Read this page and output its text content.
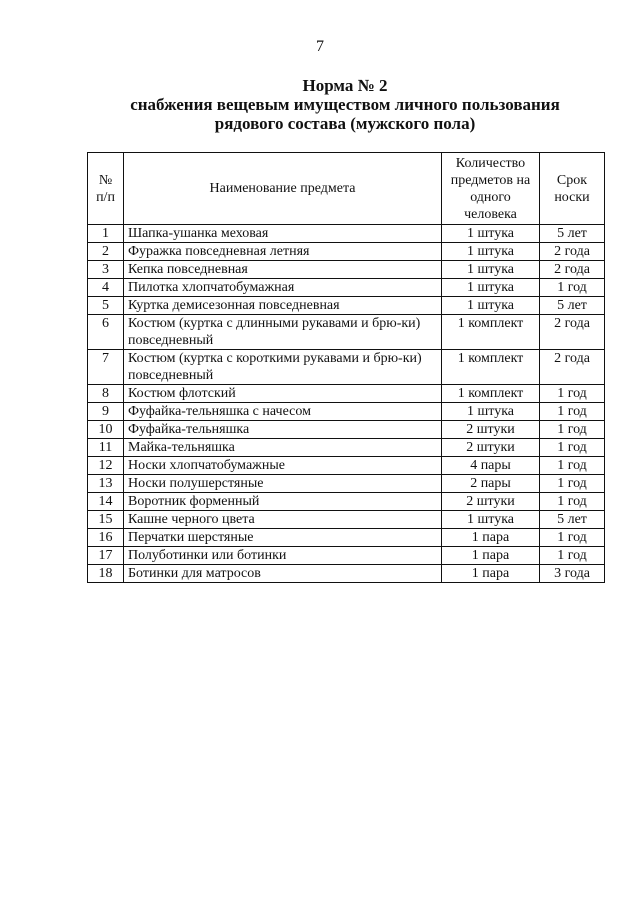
7
Норма № 2
снабжения вещевым имуществом личного пользования
рядового состава (мужского пола)
№ п/п	Наименование предмета	Количество предметов на одного человека	Срок носки
1	Шапка-ушанка меховая	1 штука	5 лет
2	Фуражка повседневная летняя	1 штука	2 года
3	Кепка повседневная	1 штука	2 года
4	Пилотка хлопчатобумажная	1 штука	1 год
5	Куртка демисезонная повседневная	1 штука	5 лет
6	Костюм (куртка с длинными рукавами и брю-ки) повседневный	1 комплект	2 года
7	Костюм (куртка с короткими рукавами и брю-ки) повседневный	1 комплект	2 года
8	Костюм флотский	1 комплект	1 год
9	Фуфайка-тельняшка с начесом	1 штука	1 год
10	Фуфайка-тельняшка	2 штуки	1 год
11	Майка-тельняшка	2 штуки	1 год
12	Носки хлопчатобумажные	4 пары	1 год
13	Носки полушерстяные	2 пары	1 год
14	Воротник форменный	2 штуки	1 год
15	Кашне черного цвета	1 штука	5 лет
16	Перчатки шерстяные	1 пара	1 год
17	Полуботинки или ботинки	1 пара	1 год
18	Ботинки для матросов	1 пара	3 года
